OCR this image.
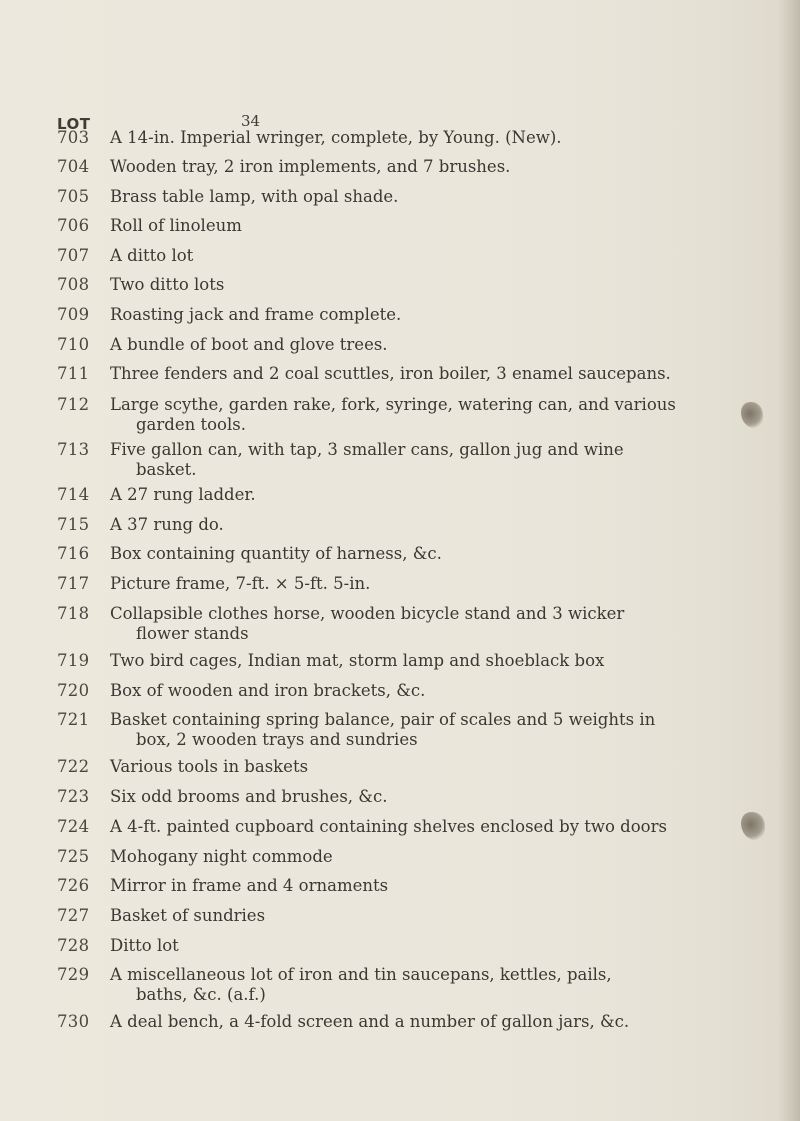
LOT	34
703 A 14-in. Imperial wringer, complete, by Young. (New).
704 Wooden tray, 2 iron implements, and 7 brushes.
705 Brass table lamp, with opal shade.
706 Roll of linoleum
707 A ditto lot
708 Two ditto lots
709 Roasting jack and frame complete.
710 A bundle of boot and glove trees.
711 Three fenders and 2 coal scuttles, iron boiler, 3 enamel saucepans.
712 Large scythe, garden rake, fork, syringe, watering can, and various
garden tools.
713 Five gallon can, with tap, 3 smaller cans, gallon jug and wine
basket.
714 A 27 rung ladder.
715 A 37 rung do.
716 Box containing quantity of harness, &c.
717 Picture frame, 7-ft. × 5-ft. 5-in.
718 Collapsible clothes horse, wooden bicycle stand and 3 wicker
flower stands
719 Two bird cages, Indian mat, storm lamp and shoeblack box
720 Box of wooden and iron brackets, &c.
721 Basket containing spring balance, pair of scales and 5 weights in
box, 2 wooden trays and sundries
722 Various tools in baskets
723 Six odd brooms and brushes, &c.
724 A 4-ft. painted cupboard containing shelves enclosed by two doors
725 Mohogany night commode
726 Mirror in frame and 4 ornaments
727 Basket of sundries
728 Ditto lot
729 A miscellaneous lot of iron and tin saucepans, kettles, pails,
baths, &c. (a.f.)
730 A deal bench, a 4-fold screen and a number of gallon jars, &c.
